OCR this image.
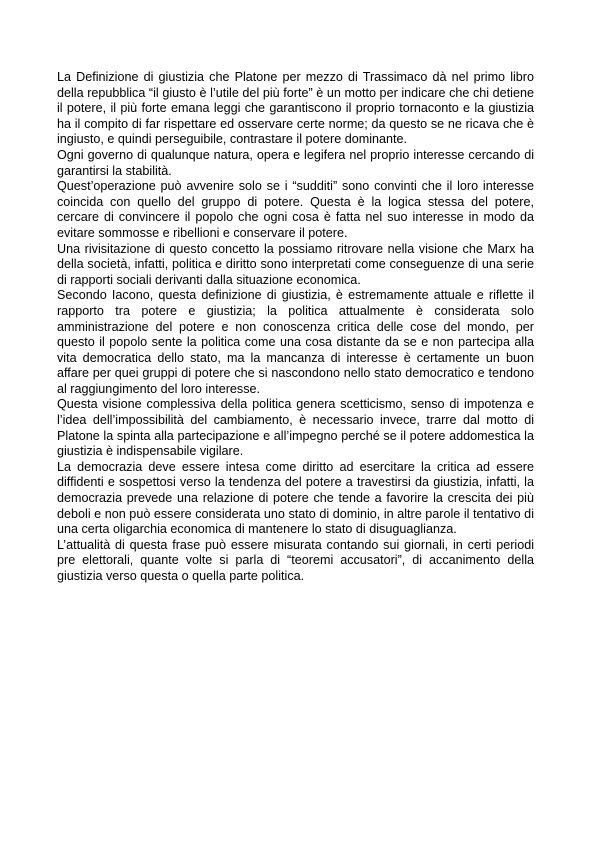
La Definizione di giustizia che Platone per mezzo di Trassimaco dà nel primo libro della repubblica “il giusto è l’utile del più forte” è un motto per indicare che chi detiene il potere, il più forte emana leggi che garantiscono il proprio tornaconto e la giustizia ha il compito di far rispettare ed osservare certe norme; da questo se ne ricava che è ingiusto, e quindi perseguibile, contrastare il potere dominante.

Ogni governo di qualunque natura, opera e legifera nel proprio interesse cercando di garantirsi la stabilità.

Quest’operazione può avvenire solo se i “sudditi” sono convinti che il loro interesse coincida con quello del gruppo di potere. Questa è la logica stessa del potere, cercare di convincere il popolo che ogni cosa è fatta nel suo interesse in modo da evitare sommosse e ribellioni e conservare il potere.

Una rivisitazione di questo concetto la possiamo ritrovare nella visione che Marx ha della società, infatti, politica e diritto sono interpretati come conseguenze di una serie di rapporti sociali derivanti dalla situazione economica.

Secondo Iacono, questa definizione di giustizia, è estremamente attuale e riflette il rapporto tra potere e giustizia; la politica attualmente è considerata solo amministrazione del potere e non conoscenza critica delle cose del mondo, per questo il popolo sente la politica come una cosa distante da se e non partecipa alla vita democratica dello stato, ma la mancanza di interesse è certamente un buon affare per quei gruppi di potere che si nascondono nello stato democratico e tendono al raggiungimento del loro interesse.

Questa visione complessiva della politica genera scetticismo, senso di impotenza e l’idea dell’impossibilità del cambiamento, è necessario invece, trarre dal motto di Platone la spinta alla partecipazione e all’impegno perché se il potere addomestica la giustizia è indispensabile vigilare.

La democrazia deve essere intesa come diritto ad esercitare la critica ad essere diffidenti e sospettosi verso la tendenza del potere a travestirsi da giustizia, infatti, la democrazia prevede una relazione di potere che tende a favorire la crescita dei più deboli e non può essere considerata uno stato di dominio, in altre parole il tentativo di una certa oligarchia economica di mantenere lo stato di disuguaglianza.

L’attualità di questa frase può essere misurata contando sui giornali, in certi periodi pre elettorali, quante volte si parla di “teoremi accusatori”, di accanimento della giustizia verso questa o quella parte politica.
